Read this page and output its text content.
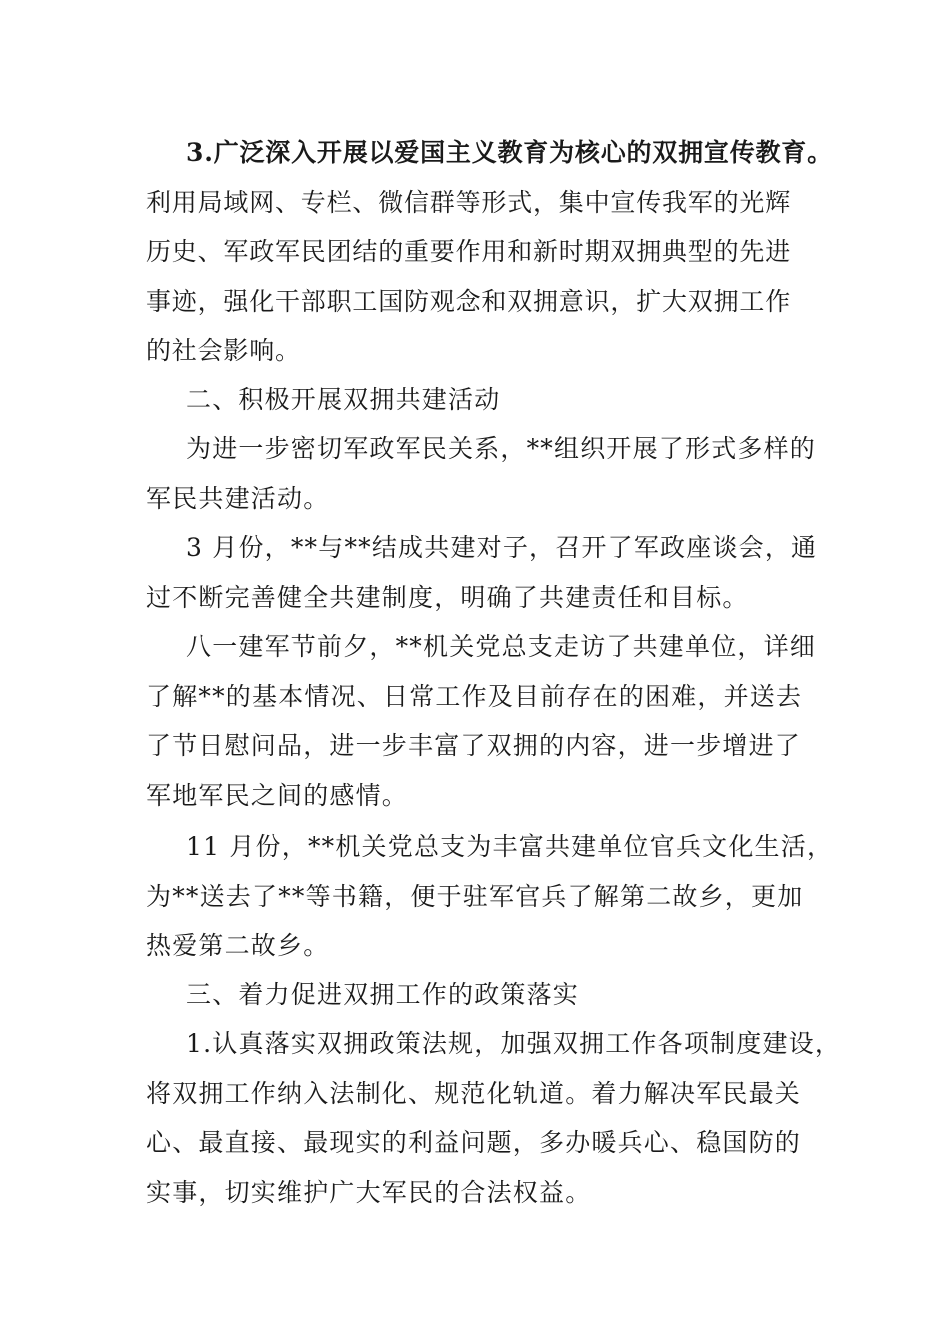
3.广泛深入开展以爱国主义教育为核心的双拥宣传教育。
利用局域网、专栏、微信群等形式，集中宣传我军的光辉
历史、军政军民团结的重要作用和新时期双拥典型的先进
事迹，强化干部职工国防观念和双拥意识，扩大双拥工作
的社会影响。
二、积极开展双拥共建活动
为进一步密切军政军民关系，**组织开展了形式多样的
军民共建活动。
3 月份，**与**结成共建对子，召开了军政座谈会，通
过不断完善健全共建制度，明确了共建责任和目标。
八一建军节前夕，**机关党总支走访了共建单位，详细
了解**的基本情况、日常工作及目前存在的困难，并送去
了节日慰问品，进一步丰富了双拥的内容，进一步增进了
军地军民之间的感情。
11 月份，**机关党总支为丰富共建单位官兵文化生活，
为**送去了**等书籍，便于驻军官兵了解第二故乡，更加
热爱第二故乡。
三、着力促进双拥工作的政策落实
1.认真落实双拥政策法规，加强双拥工作各项制度建设，
将双拥工作纳入法制化、规范化轨道。着力解决军民最关
心、最直接、最现实的利益问题，多办暖兵心、稳国防的
实事，切实维护广大军民的合法权益。
